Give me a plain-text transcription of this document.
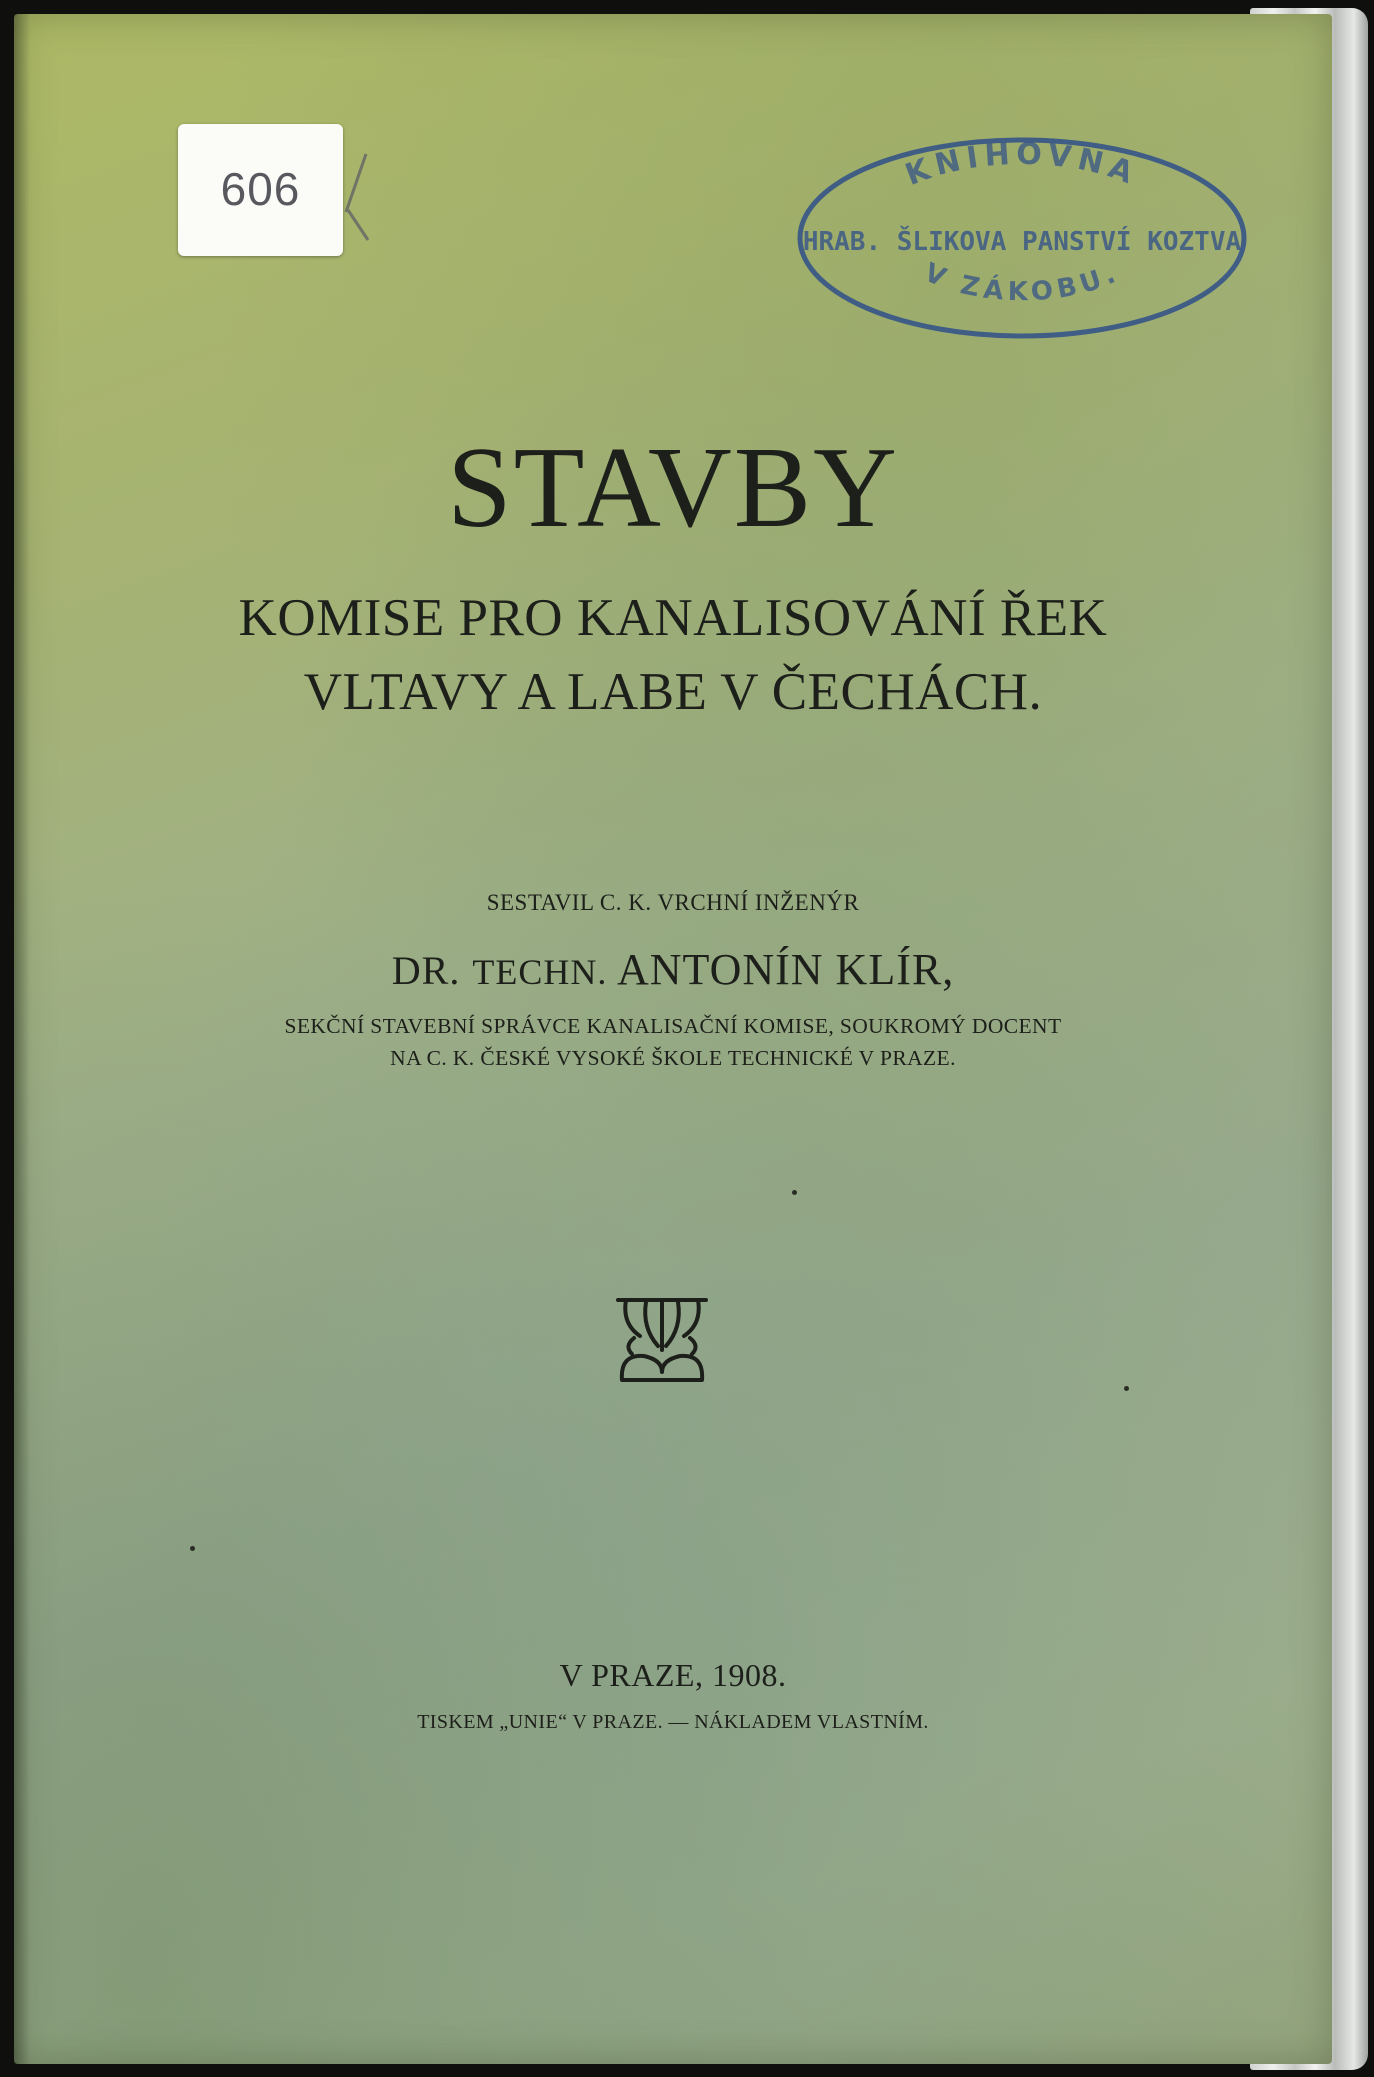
606	KNIHOVNA
HRAB. ŠLIKOVA PANSTVÍ KOZTVA
V ZÁKOBU.
STAVBY
KOMISE PRO KANALISOVÁNÍ ŘEK
VLTAVY A LABE V ČECHÁCH.
SESTAVIL C. K. VRCHNÍ INŽENÝR
DR. TECHN. ANTONÍN KLÍR,
SEKČNÍ STAVEBNÍ SPRÁVCE KANALISAČNÍ KOMISE, SOUKROMÝ DOCENT
NA C. K. ČESKÉ VYSOKÉ ŠKOLE TECHNICKÉ V PRAZE.
V PRAZE, 1908.
TISKEM „UNIE“ V PRAZE. — NÁKLADEM VLASTNÍM.
